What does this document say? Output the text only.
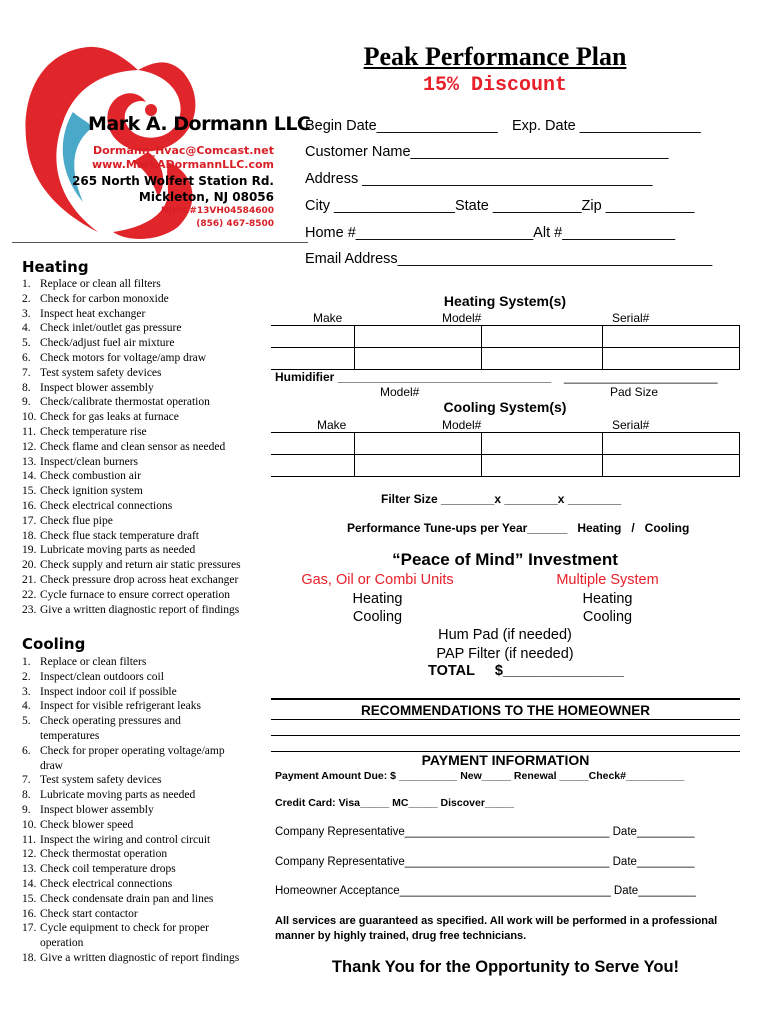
Mark A. Dormann LLC
Dormann_Hvac@Comcast.net
www.MarkADormannLLC.com
265 North Wolfert Station Rd.
Mickleton, NJ 08056
NJHIC#13VH04584600
(856) 467-8500
Peak Performance Plan
15% Discount
Begin Date_______________ Exp. Date _______________
Customer Name________________________________
Address ____________________________________
City _______________State ___________Zip ___________
Home #______________________Alt #______________
Email Address_______________________________________
Heating
1. Replace or clean all filters
2. Check for carbon monoxide
3. Inspect heat exchanger
4. Check inlet/outlet gas pressure
5. Check/adjust fuel air mixture
6. Check motors for voltage/amp draw
7. Test system safety devices
8. Inspect blower assembly
9. Check/calibrate thermostat operation
10. Check for gas leaks at furnace
11. Check temperature rise
12. Check flame and clean sensor as needed
13. Inspect/clean burners
14. Check combustion air
15. Check ignition system
16. Check electrical connections
17. Check flue pipe
18. Check flue stack temperature draft
19. Lubricate moving parts as needed
20. Check supply and return air static pressures
21. Check pressure drop across heat exchanger
22. Cycle furnace to ensure correct operation
23. Give a written diagnostic report of findings
Cooling
1. Replace or clean filters
2. Inspect/clean outdoors coil
3. Inspect indoor coil if possible
4. Inspect for visible refrigerant leaks
5. Check operating pressures and
temperatures
6. Check for proper operating voltage/amp
draw
7. Test system safety devices
8. Lubricate moving parts as needed
9. Inspect blower assembly
10. Check blower speed
11. Inspect the wiring and control circuit
12. Check thermostat operation
13. Check coil temperature drops
14. Check electrical connections
15. Check condensate drain pan and lines
16. Check start contactor
17. Cycle equipment to check for proper
operation
18. Give a written diagnostic of report findings
Heating System(s)
Make	Model#	Serial#

Humidifier ________________________________ _______________________
Model#	Pad Size
Cooling System(s)
Make	Model#	Serial#

Filter Size ________x ________x ________
Performance Tune-ups per Year______   Heating   /   Cooling
“Peace of Mind” Investment
Gas, Oil or Combi Units	Multiple System
Heating	Heating
Cooling	Cooling
Hum Pad (if needed)
PAP Filter (if needed)
TOTAL     $_______________
RECOMMENDATIONS TO THE HOMEOWNER
PAYMENT INFORMATION
Payment Amount Due: $ __________ New_____ Renewal _____Check#__________
Credit Card: Visa_____ MC_____ Discover_____
Company Representative________________________________ Date_________
Company Representative________________________________ Date_________
Homeowner Acceptance_________________________________ Date_________
All services are guaranteed as specified. All work will be performed in a professional manner by highly trained, drug free technicians.
Thank You for the Opportunity to Serve You!
